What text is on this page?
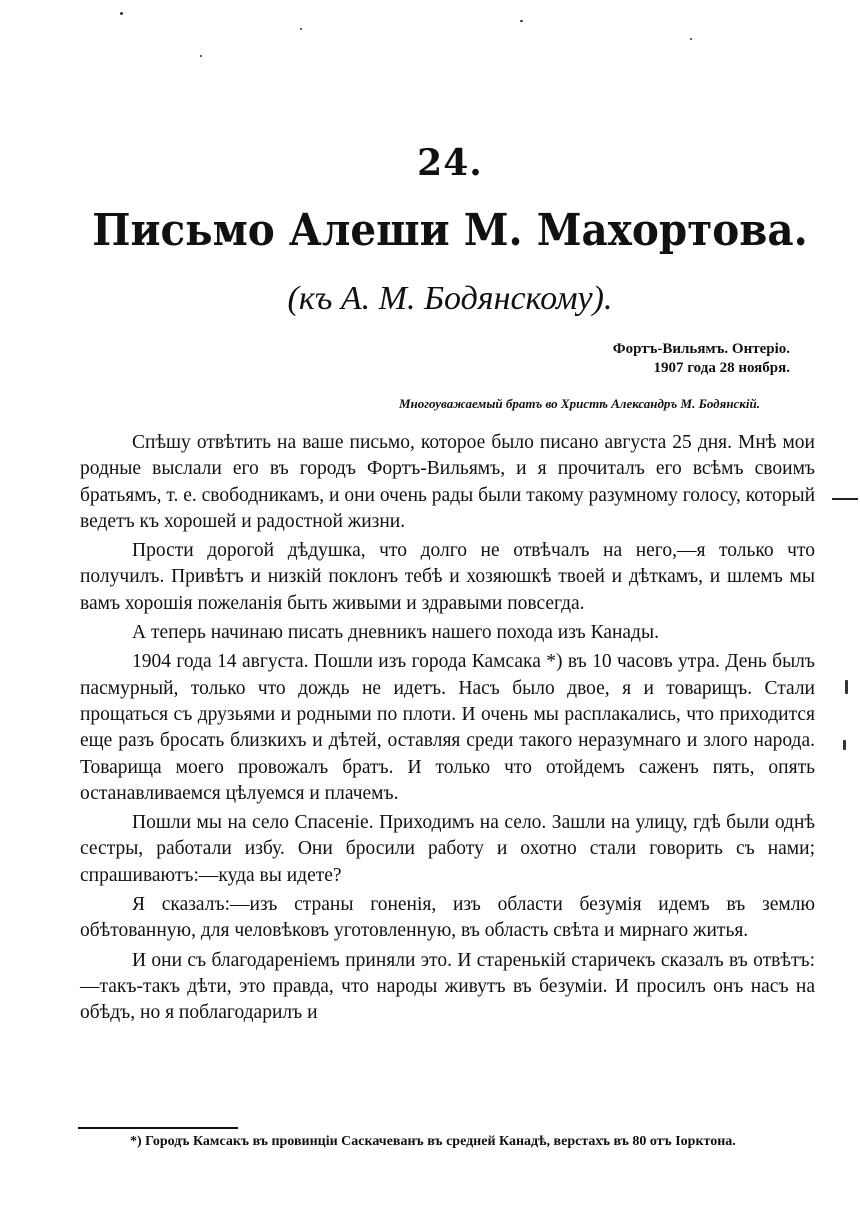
24.
Письмо Алеши М. Махортова.
(къ А. М. Бодянскому).
Фортъ-Вильямъ. Онтеріо.
1907 года 28 ноября.
Многоуважаемый братъ во Христѣ Александръ М. Бодянскій.

Спѣшу отвѣтить на ваше письмо, которое было писано августа 25 дня. Мнѣ мои родные выслали его въ городъ Фортъ-Вильямъ, и я прочиталъ его всѣмъ своимъ братьямъ, т. е. свободникамъ, и они очень рады были такому разумному голосу, который ведетъ къ хорошей и радостной жизни.

Прости дорогой дѣдушка, что долго не отвѣчалъ на него,—я только что получилъ. Привѣтъ и низкій поклонъ тебѣ и хозяюшкѣ твоей и дѣткамъ, и шлемъ мы вамъ хорошія пожеланія быть живыми и здравыми повсегда.

А теперь начинаю писать дневникъ нашего похода изъ Канады.

1904 года 14 августа. Пошли изъ города Камсака *) въ 10 часовъ утра. День былъ пасмурный, только что дождь не идетъ. Насъ было двое, я и товарищъ. Стали прощаться съ друзьями и родными по плоти. И очень мы расплакались, что приходится еще разъ бросать близкихъ и дѣтей, оставляя среди такого неразумнаго и злого народа. Товарища моего провожалъ братъ. И только что отойдемъ саженъ пять, опять останавливаемся цѣлуемся и плачемъ.

Пошли мы на село Спасеніе. Приходимъ на село. Зашли на улицу, гдѣ были однѣ сестры, работали избу. Они бросили работу и охотно стали говорить съ нами; спрашиваютъ:—куда вы идете?

Я сказалъ:—изъ страны гоненія, изъ области безумія идемъ въ землю обѣтованную, для человѣковъ уготовленную, въ область свѣта и мирнаго житья.

И они съ благодареніемъ приняли это. И старенькій старичекъ сказалъ въ отвѣтъ:—такъ-такъ дѣти, это правда, что народы живутъ въ безуміи. И просилъ онъ насъ на обѣдъ, но я поблагодарилъ и

*) Городъ Камсакъ въ провинціи Саскачеванъ въ средней Канадѣ, верстахъ въ 80 отъ Іорктона.
